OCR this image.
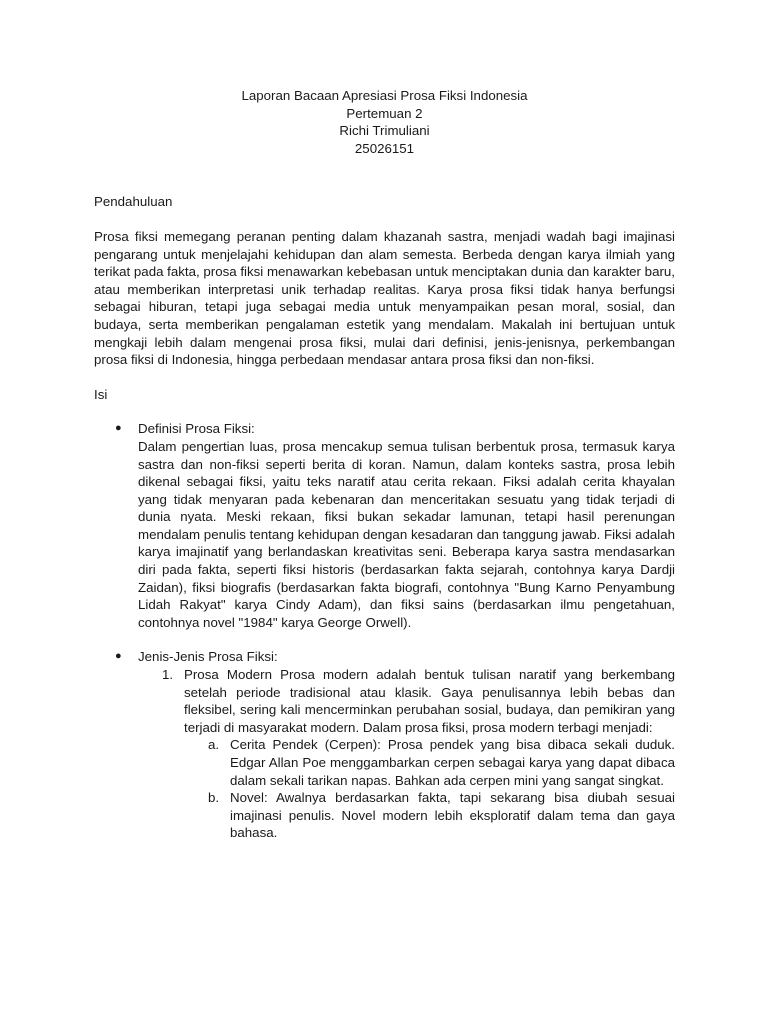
Laporan Bacaan Apresiasi Prosa Fiksi Indonesia
Pertemuan 2
Richi Trimuliani
25026151
Pendahuluan
Prosa fiksi memegang peranan penting dalam khazanah sastra, menjadi wadah bagi imajinasi pengarang untuk menjelajahi kehidupan dan alam semesta. Berbeda dengan karya ilmiah yang terikat pada fakta, prosa fiksi menawarkan kebebasan untuk menciptakan dunia dan karakter baru, atau memberikan interpretasi unik terhadap realitas. Karya prosa fiksi tidak hanya berfungsi sebagai hiburan, tetapi juga sebagai media untuk menyampaikan pesan moral, sosial, dan budaya, serta memberikan pengalaman estetik yang mendalam. Makalah ini bertujuan untuk mengkaji lebih dalam mengenai prosa fiksi, mulai dari definisi, jenis-jenisnya, perkembangan prosa fiksi di Indonesia, hingga perbedaan mendasar antara prosa fiksi dan non-fiksi.
Isi
● Definisi Prosa Fiksi:
Dalam pengertian luas, prosa mencakup semua tulisan berbentuk prosa, termasuk karya sastra dan non-fiksi seperti berita di koran. Namun, dalam konteks sastra, prosa lebih dikenal sebagai fiksi, yaitu teks naratif atau cerita rekaan. Fiksi adalah cerita khayalan yang tidak menyaran pada kebenaran dan menceritakan sesuatu yang tidak terjadi di dunia nyata. Meski rekaan, fiksi bukan sekadar lamunan, tetapi hasil perenungan mendalam penulis tentang kehidupan dengan kesadaran dan tanggung jawab. Fiksi adalah karya imajinatif yang berlandaskan kreativitas seni. Beberapa karya sastra mendasarkan diri pada fakta, seperti fiksi historis (berdasarkan fakta sejarah, contohnya karya Dardji Zaidan), fiksi biografis (berdasarkan fakta biografi, contohnya "Bung Karno Penyambung Lidah Rakyat" karya Cindy Adam), dan fiksi sains (berdasarkan ilmu pengetahuan, contohnya novel "1984" karya George Orwell).
● Jenis-Jenis Prosa Fiksi:
1. Prosa Modern Prosa modern adalah bentuk tulisan naratif yang berkembang setelah periode tradisional atau klasik. Gaya penulisannya lebih bebas dan fleksibel, sering kali mencerminkan perubahan sosial, budaya, dan pemikiran yang terjadi di masyarakat modern. Dalam prosa fiksi, prosa modern terbagi menjadi:
a. Cerita Pendek (Cerpen): Prosa pendek yang bisa dibaca sekali duduk. Edgar Allan Poe menggambarkan cerpen sebagai karya yang dapat dibaca dalam sekali tarikan napas. Bahkan ada cerpen mini yang sangat singkat.
b. Novel: Awalnya berdasarkan fakta, tapi sekarang bisa diubah sesuai imajinasi penulis. Novel modern lebih eksploratif dalam tema dan gaya bahasa.
